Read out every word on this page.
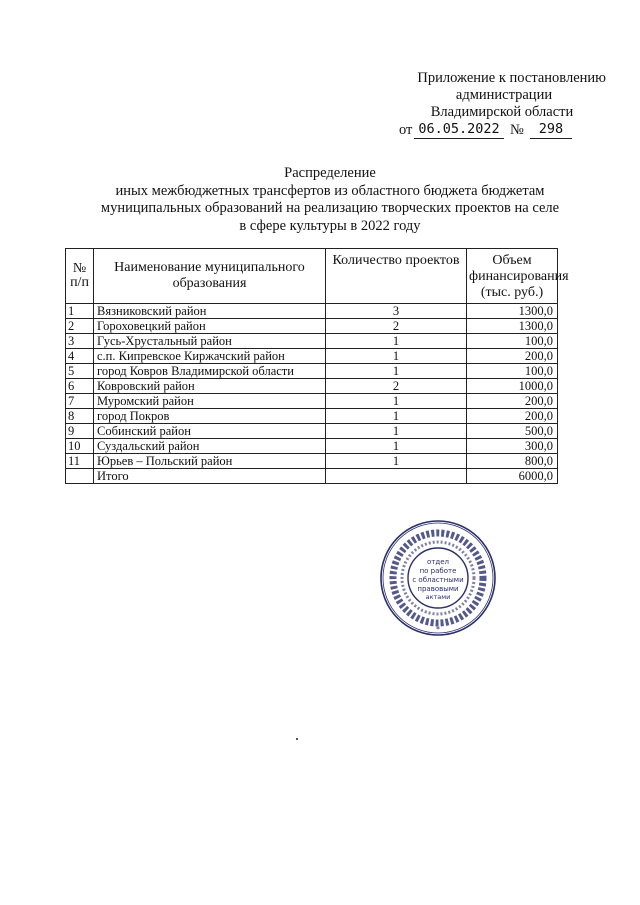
Приложение к постановлению
администрации
Владимирской области
от 06.05.2022 №	298
Распределение
иных межбюджетных трансфертов из областного бюджета бюджетам
муниципальных образований на реализацию творческих проектов на селе
в сфере культуры в 2022 году
№ п/п	Наименование муниципального образования	Количество проектов	Объем финансирования (тыс. руб.)
1	Вязниковский район	3	1300,0
2	Гороховецкий район	2	1300,0
3	Гусь-Хрустальный район	1	100,0
4	с.п. Кипревское Киржачский район	1	200,0
5	город Ковров Владимирской области	1	100,0
6	Ковровский район	2	1000,0
7	Муромский район	1	200,0
8	город Покров	1	200,0
9	Собинский район	1	500,0
10	Суздальский район	1	300,0
11	Юрьев – Польский район	1	800,0
	Итого		6000,0
*
отдел
по работе
с областными
правовыми
актами
